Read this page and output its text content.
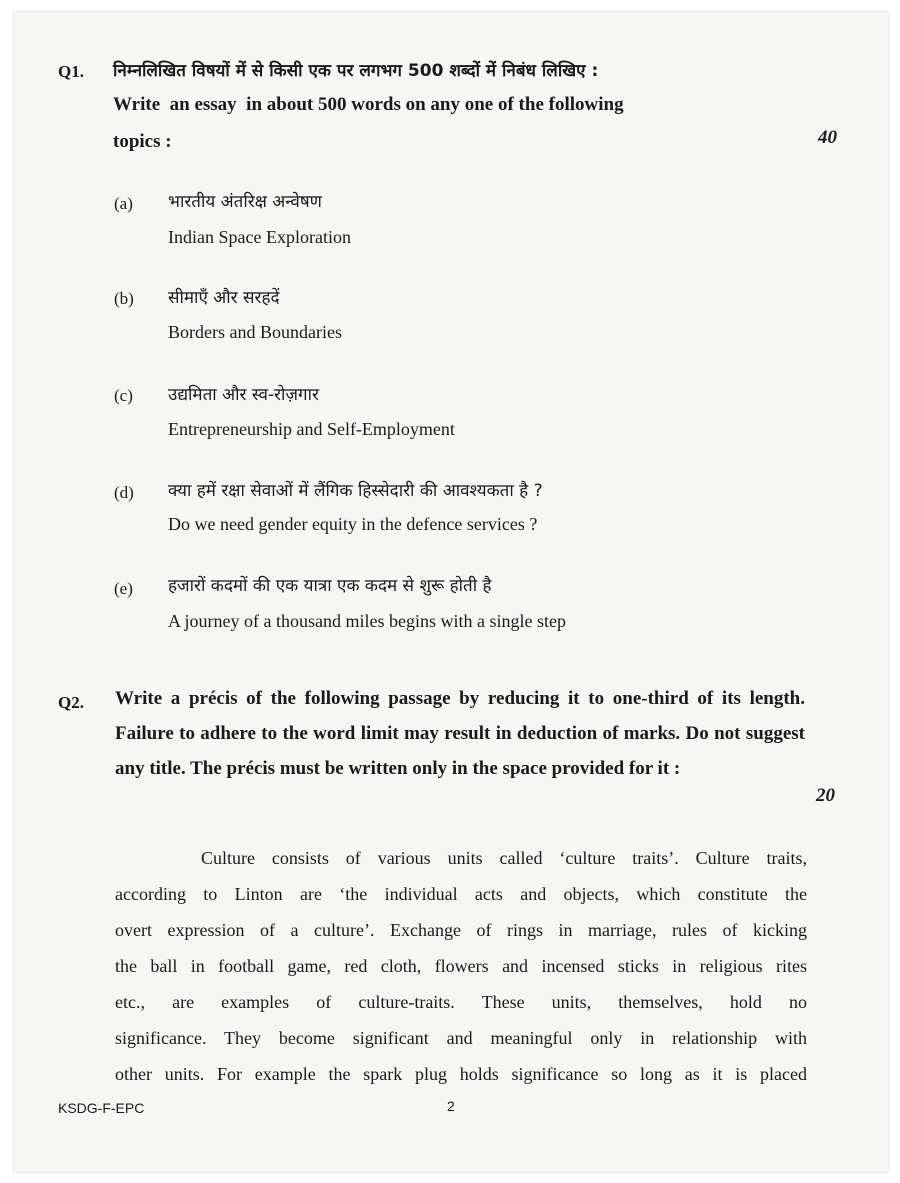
Q1. निम्नलिखित विषयों में से किसी एक पर लगभग 500 शब्दों में निबंध लिखिए :
Write  an essay  in about 500 words on any one of the following
topics :	40
(a) भारतीय अंतरिक्ष अन्वेषण
Indian Space Exploration
(b) सीमाएँ और सरहदें
Borders and Boundaries
(c) उद्यमिता और स्व-रोज़गार
Entrepreneurship and Self-Employment
(d) क्या हमें रक्षा सेवाओं में लैंगिक हिस्सेदारी की आवश्यकता है ?
Do we need gender equity in the defence services ?
(e) हजारों कदमों की एक यात्रा एक कदम से शुरू होती है
A journey of a thousand miles begins with a single step
Q2. Write a précis of the following passage by reducing it to one-third of its length. Failure to adhere to the word limit may result in deduction of marks. Do not suggest any title. The précis must be written only in the space provided for it :
20

Culture consists of various units called ‘culture traits’. Culture traits,

according to Linton are ‘the individual acts and objects, which constitute the

overt expression of a culture’. Exchange of rings in marriage, rules of kicking

the ball in football game, red cloth, flowers and incensed sticks in religious rites

etc., are examples of culture-traits. These units, themselves, hold no

significance. They become significant and meaningful only in relationship with

other units. For example the spark plug holds significance so long as it is placed

KSDG-F-EPC	2
